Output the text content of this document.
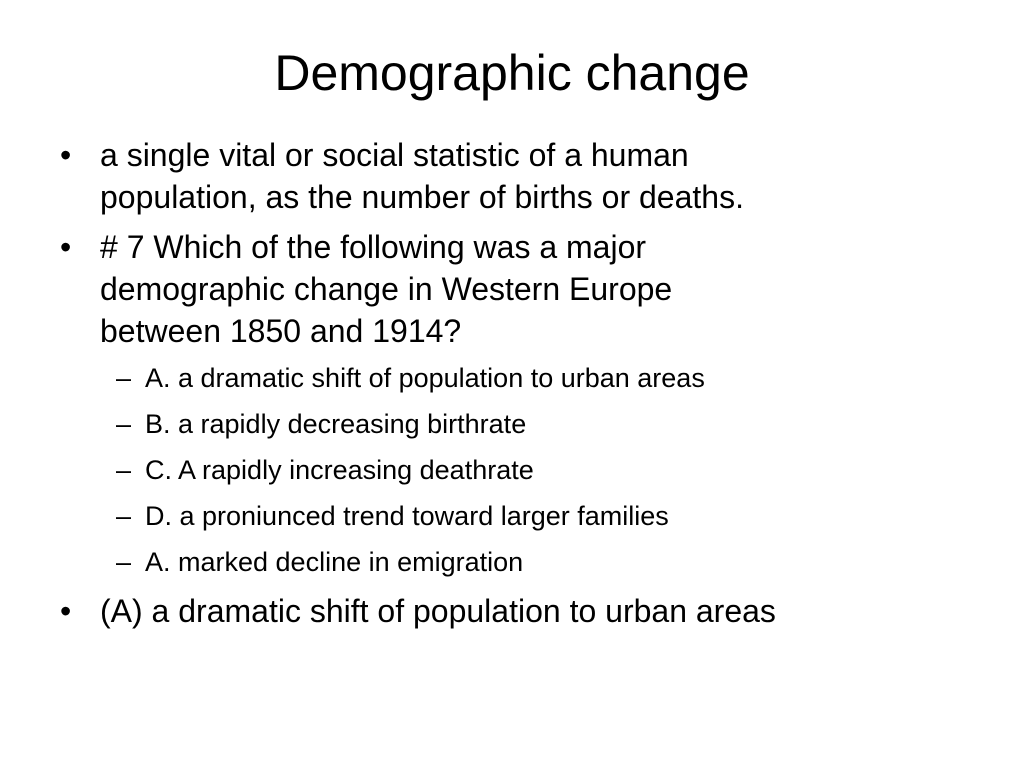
Demographic change
• a single vital or social statistic of a human
population, as the number of births or deaths.
• # 7 Which of the following was a major
demographic change in Western Europe
between 1850 and 1914?
– A. a dramatic shift of population to urban areas
– B. a rapidly decreasing birthrate
– C. A rapidly increasing deathrate
– D. a proniunced trend toward larger families
– A. marked decline in emigration
• (A) a dramatic shift of population to urban areas
